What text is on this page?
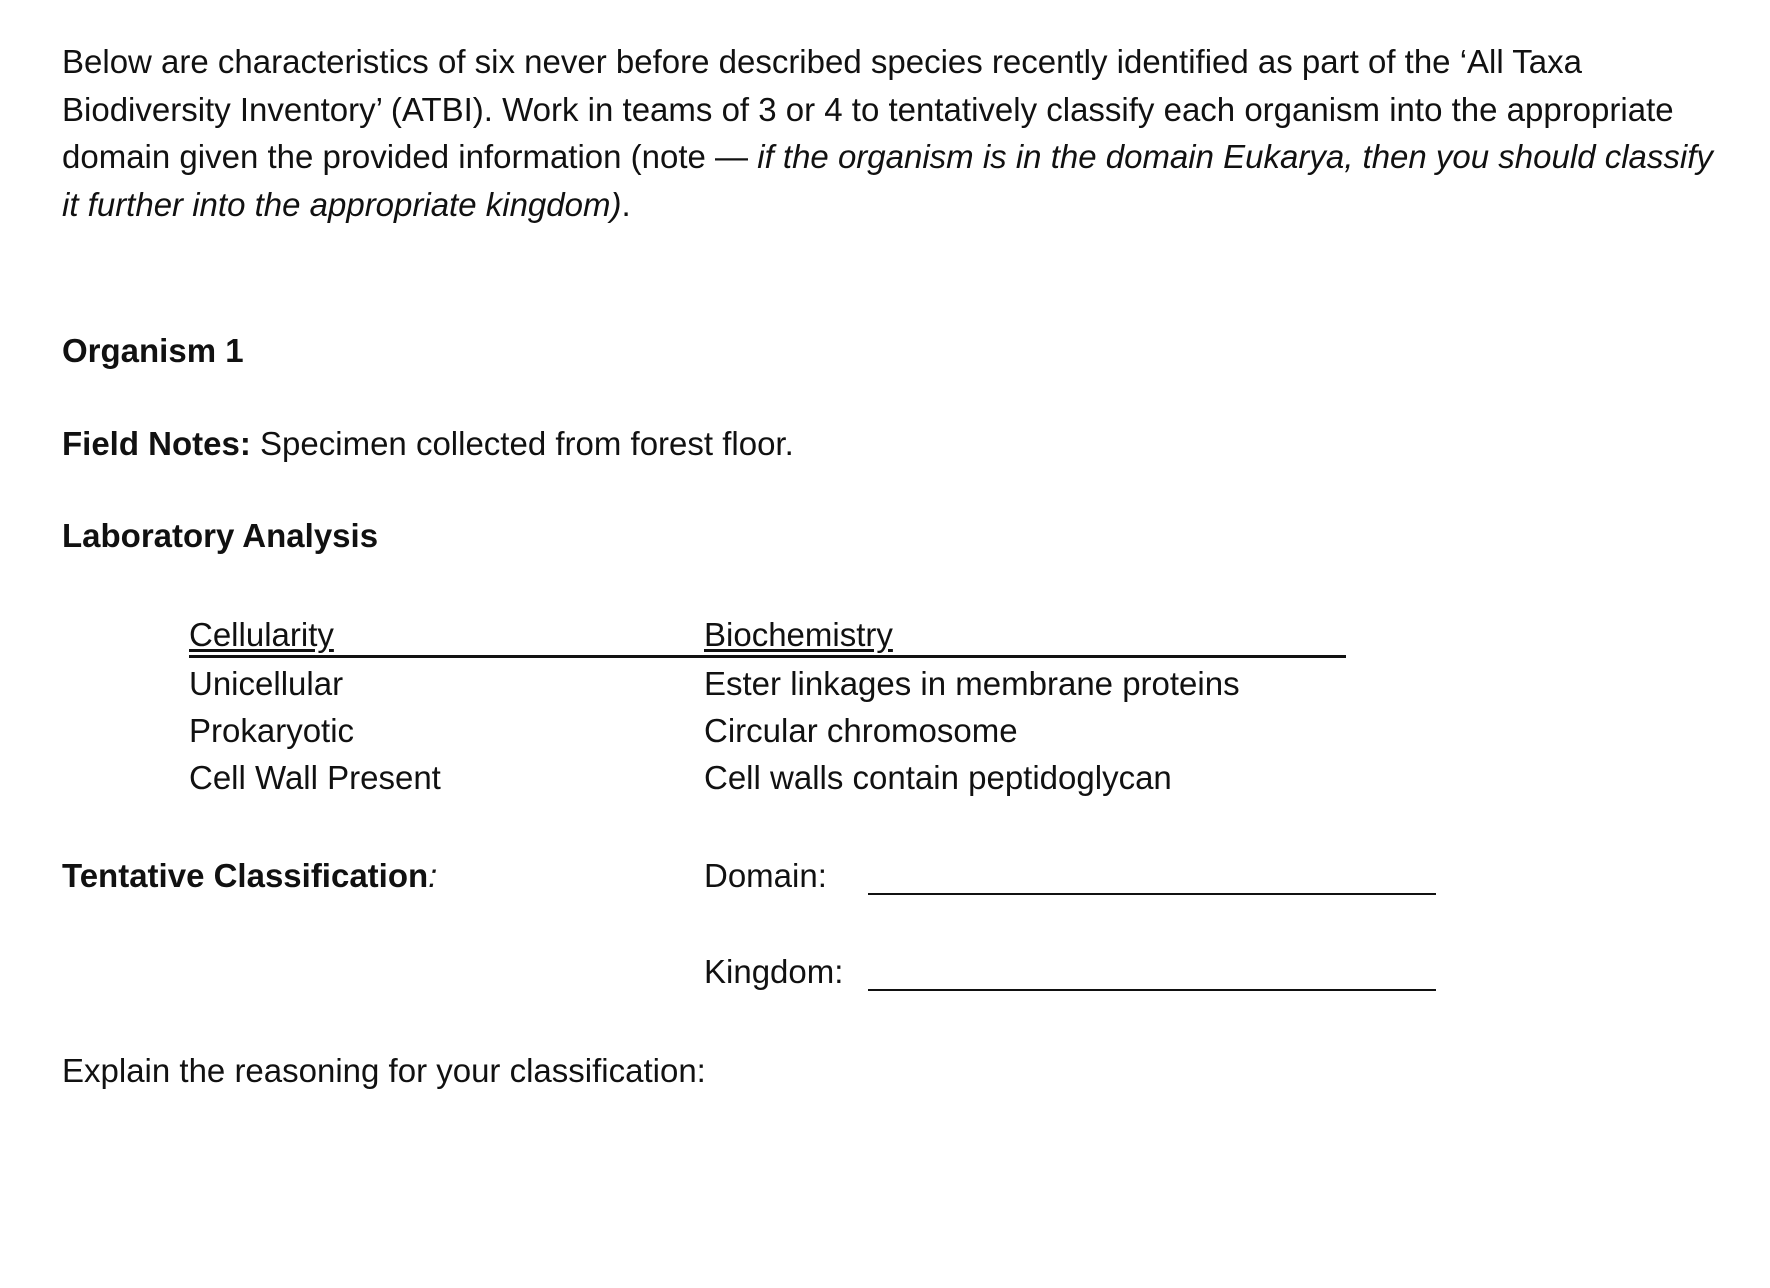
Below are characteristics of six never before described species recently identified as part of the ‘All Taxa Biodiversity Inventory’ (ATBI). Work in teams of 3 or 4 to tentatively classify each organism into the appropriate domain given the provided information (note — if the organism is in the domain Eukarya, then you should classify it further into the appropriate kingdom).

Organism 1

Field Notes: Specimen collected from forest floor.

Laboratory Analysis

Cellularity
Unicellular
Prokaryotic
Cell Wall Present
Biochemistry
Ester linkages in membrane proteins
Circular chromosome
Cell walls contain peptidoglycan

Tentative Classification:	Domain:
Kingdom:

Explain the reasoning for your classification:
